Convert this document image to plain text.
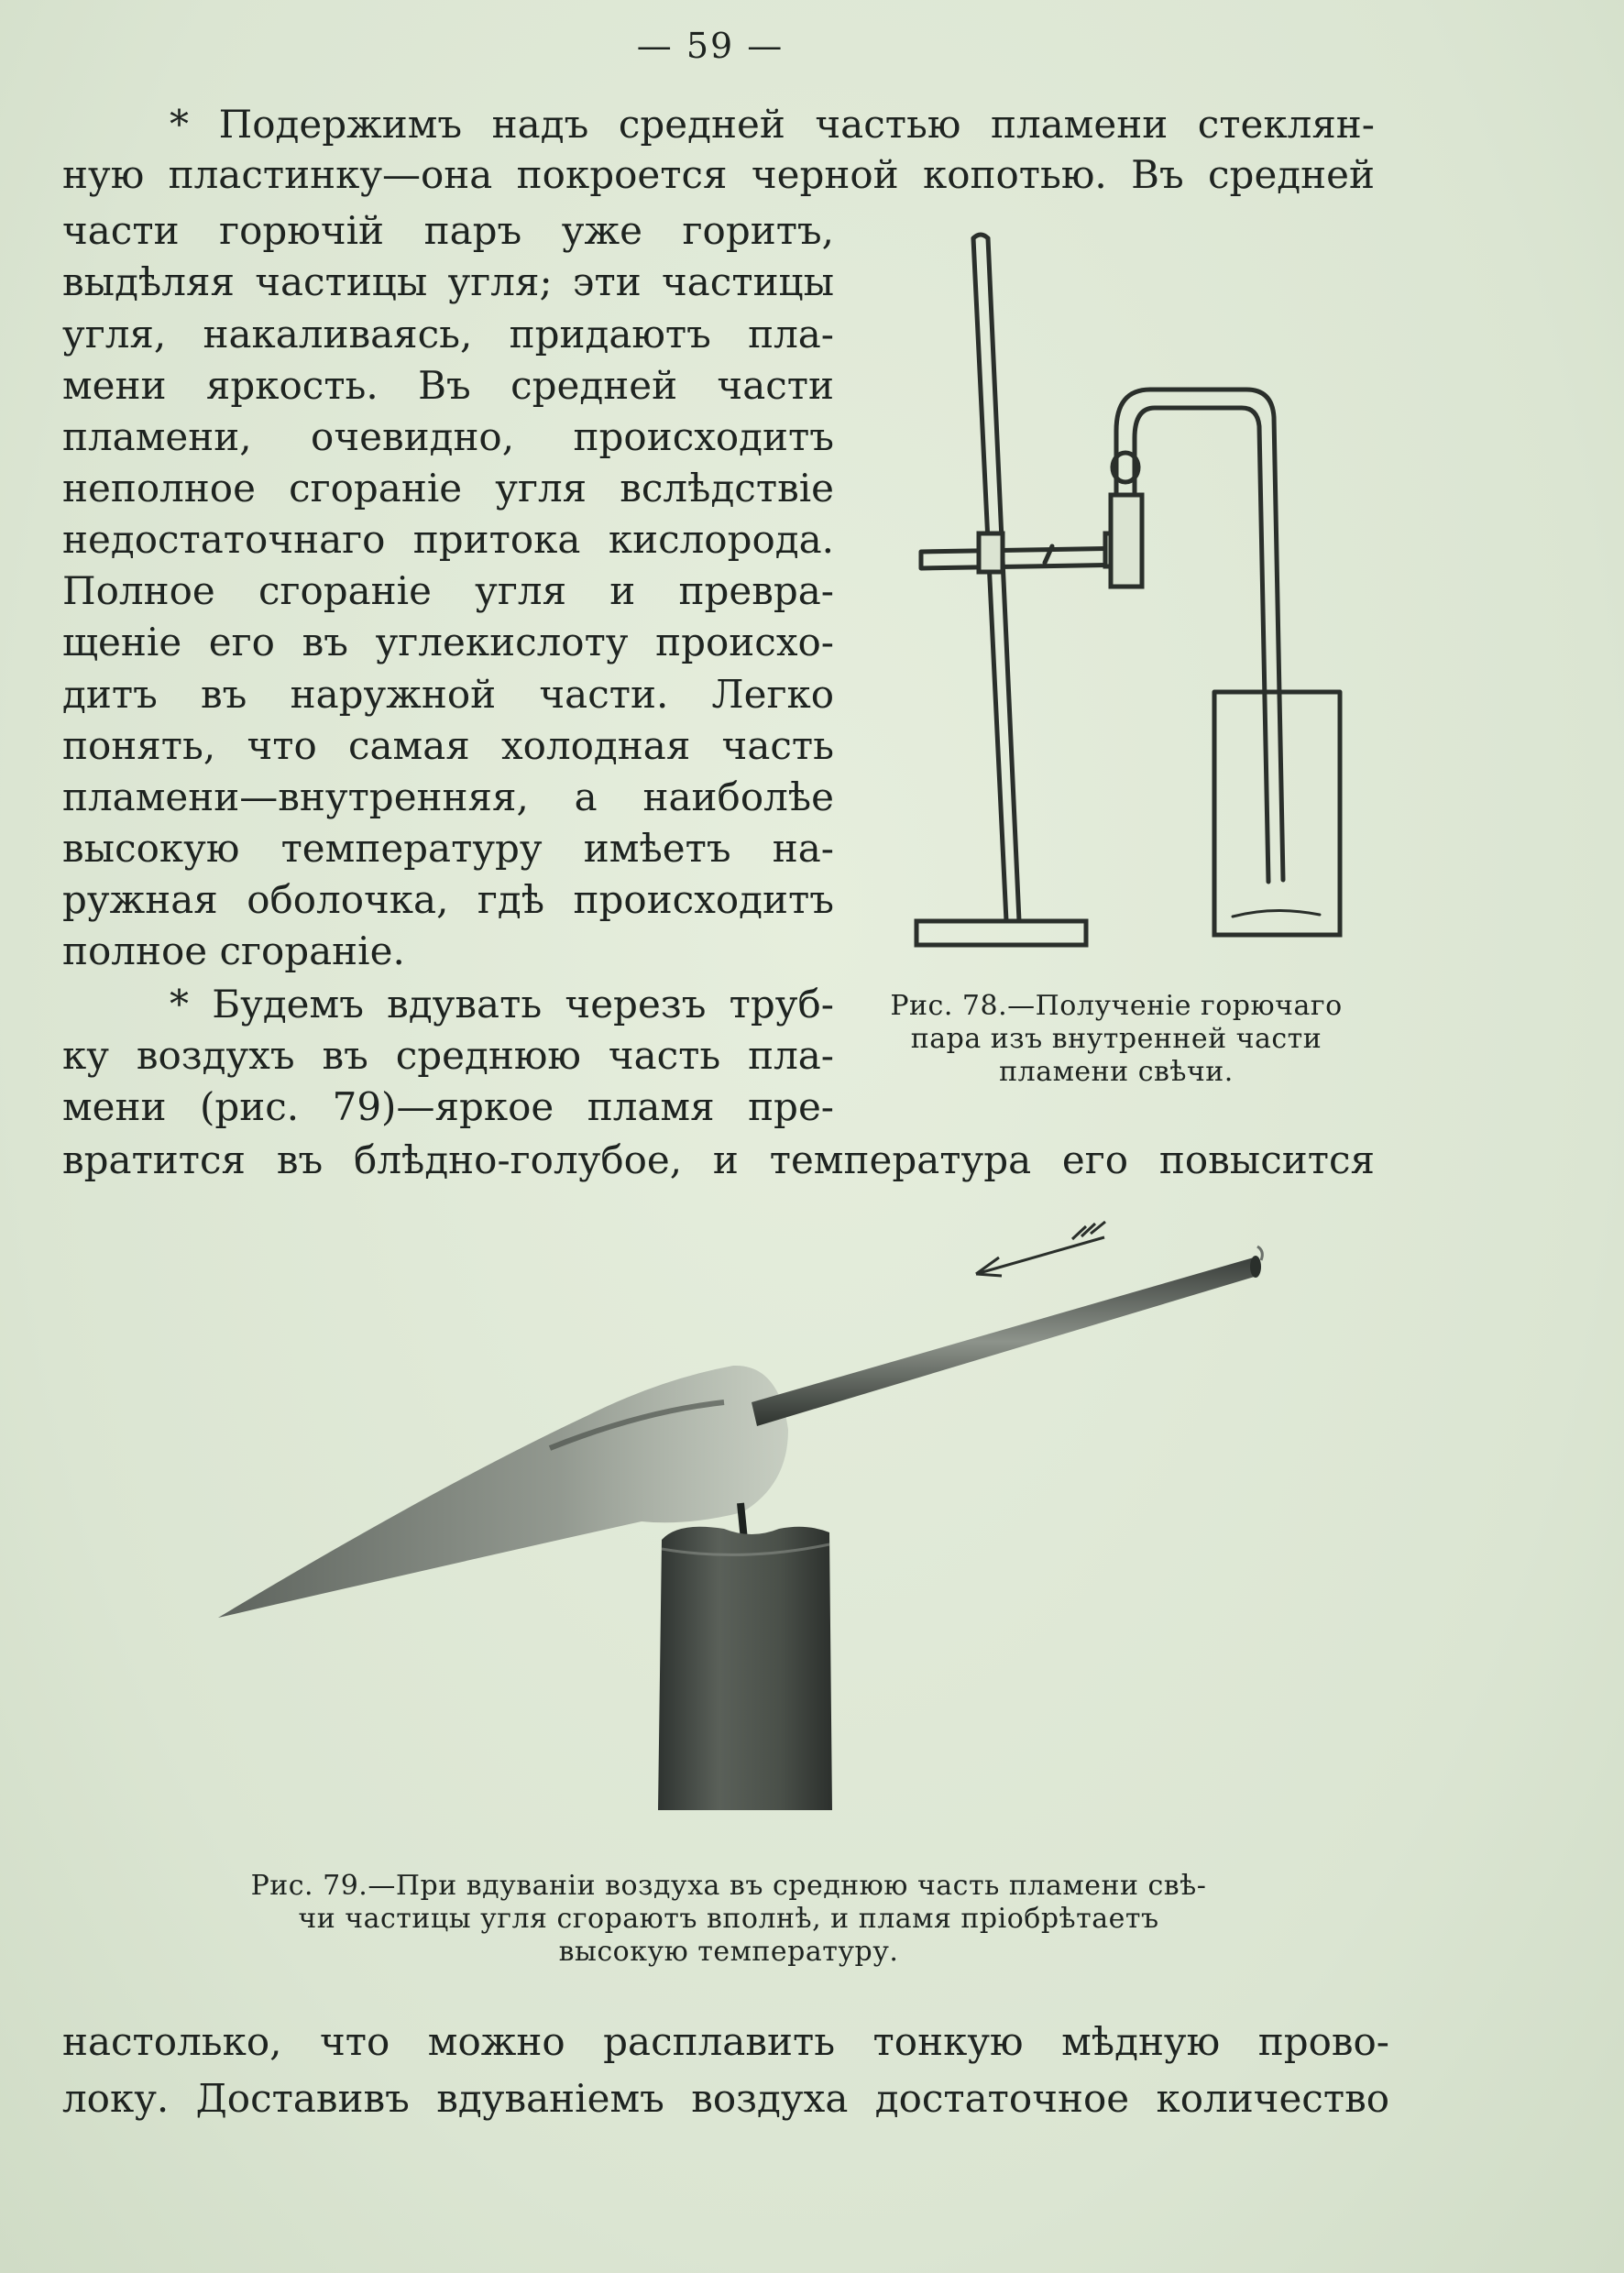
— 59 —
* Подержимъ надъ средней частью пламени стеклян-
ную пластинку—она покроется черной копотью. Въ средней
части горючій паръ уже горитъ,
выдѣляя частицы угля; эти частицы
угля, накаливаясь, придаютъ пла-
мени яркость. Въ средней части
пламени, очевидно, происходитъ
неполное сгораніе угля вслѣдствіе
недостаточнаго притока кислорода.
Полное сгораніе угля и превра-
щеніе его въ углекислоту происхо-
дитъ въ наружной части. Легко
понять, что самая холодная часть
пламени—внутренняя, а наиболѣе
высокую температуру имѣетъ на-
ружная оболочка, гдѣ происходитъ
полное сгораніе.
* Будемъ вдувать черезъ труб-
ку воздухъ въ среднюю часть пла-
мени (рис. 79)—яркое пламя пре-
вратится въ блѣдно-голубое, и температура его повысится
Рис. 78.—Полученіе горючаго
пара изъ внутренней части
пламени свѣчи.
Рис. 79.—При вдуваніи воздуха въ среднюю часть пламени свѣ-
чи частицы угля сгораютъ вполнѣ, и пламя пріобрѣтаетъ
высокую температуру.
настолько, что можно расплавить тонкую мѣдную прово-
локу. Доставивъ вдуваніемъ воздуха достаточное количество
